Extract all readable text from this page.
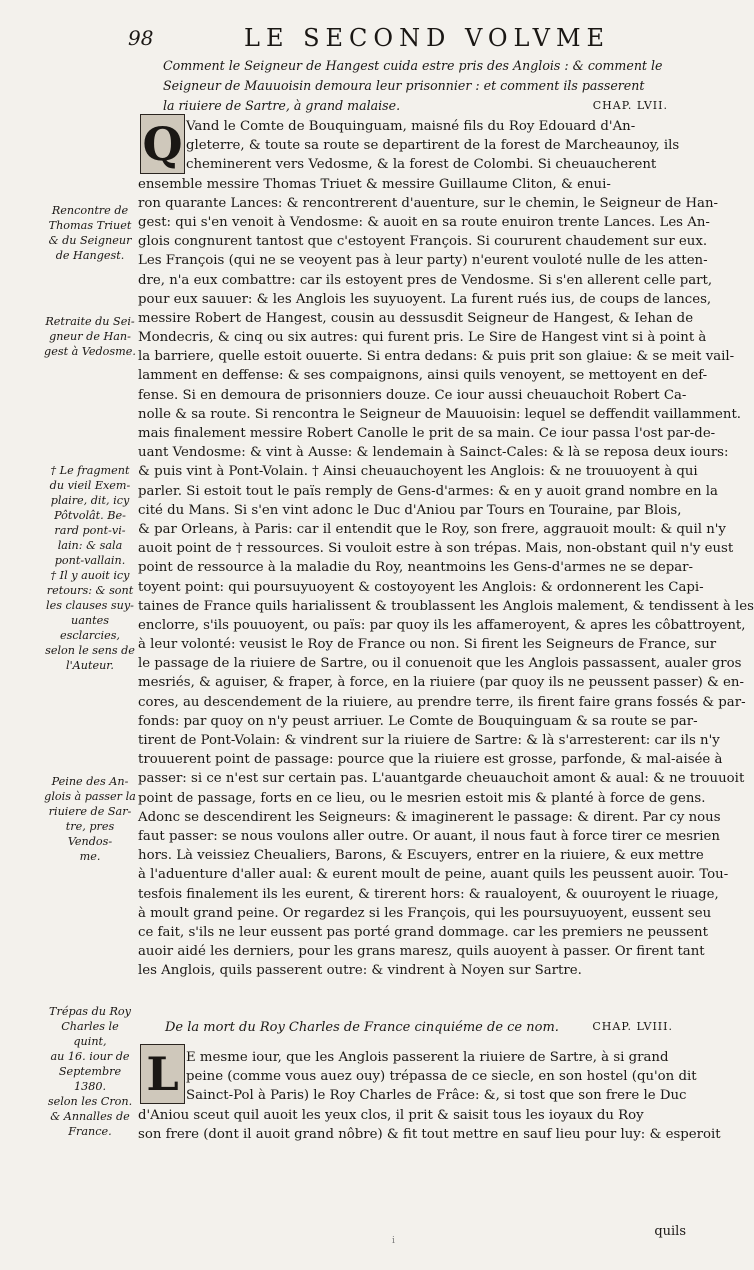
98	LE SECOND VOLVME
Comment le Seigneur de Hangest cuida estre pris des Anglois : & comment le
Seigneur de Mauuoisin demoura leur prisonnier : et comment ils passerent
la riuiere de Sartre, à grand malaise.	CHAP. LVII.
Q Vand le Comte de Bouquinguam, maisné fils du Roy Edouard d'An-
gleterre, & toute sa route se departirent de la forest de Marcheaunoy, ils
cheminerent vers Vedosme, & la forest de Colombi. Si cheuaucherent
ensemble messire Thomas Triuet & messire Guillaume Cliton, & enui-
ron quarante Lances: & rencontrerent d'auenture, sur le chemin, le Seigneur de Han-
gest: qui s'en venoit à Vendosme: & auoit en sa route enuiron trente Lances. Les An-
glois congnurent tantost que c'estoyent François. Si coururent chaudement sur eux.
Les François (qui ne se veoyent pas à leur party) n'eurent vouloté nulle de les atten-
dre, n'a eux combattre: car ils estoyent pres de Vendosme. Si s'en allerent celle part,
pour eux sauuer: & les Anglois les suyuoyent. La furent rués ius, de coups de lances,
messire Robert de Hangest, cousin au dessusdit Seigneur de Hangest, & Iehan de
Mondecris, & cinq ou six autres: qui furent pris. Le Sire de Hangest vint si à point à
la barriere, quelle estoit ouuerte. Si entra dedans: & puis prit son glaiue: & se meit vail-
lamment en deffense: & ses compaignons, ainsi quils venoyent, se mettoyent en def-
fense. Si en demoura de prisonniers douze. Ce iour aussi cheuauchoit Robert Ca-
nolle & sa route. Si rencontra le Seigneur de Mauuoisin: lequel se deffendit vaillamment.
mais finalement messire Robert Canolle le prit de sa main. Ce iour passa l'ost par-de-
uant Vendosme: & vint à Ausse: & lendemain à Sainct-Cales: & là se reposa deux iours:
& puis vint à Pont-Volain. † Ainsi cheuauchoyent les Anglois: & ne trouuoyent à qui
parler. Si estoit tout le païs remply de Gens-d'armes: & en y auoit grand nombre en la
cité du Mans. Si s'en vint adonc le Duc d'Aniou par Tours en Touraine, par Blois,
& par Orleans, à Paris: car il entendit que le Roy, son frere, aggrauoit moult: & quil n'y
auoit point de † ressources. Si vouloit estre à son trépas. Mais, non-obstant quil n'y eust
point de ressource à la maladie du Roy, neantmoins les Gens-d'armes ne se depar-
toyent point: qui poursuyuoyent & costoyoyent les Anglois: & ordonnerent les Capi-
taines de France quils harialissent & troublassent les Anglois malement, & tendissent à les
enclorre, s'ils pouuoyent, ou païs: par quoy ils les affameroyent, & apres les côbattroyent,
à leur volonté: veusist le Roy de France ou non. Si firent les Seigneurs de France, sur
le passage de la riuiere de Sartre, ou il conuenoit que les Anglois passassent, aualer gros
mesriés, & aguiser, & fraper, à force, en la riuiere (par quoy ils ne peussent passer) & en-
cores, au descendement de la riuiere, au prendre terre, ils firent faire grans fossés & par-
fonds: par quoy on n'y peust arriuer. Le Comte de Bouquinguam & sa route se par-
tirent de Pont-Volain: & vindrent sur la riuiere de Sartre: & là s'arresterent: car ils n'y
trouuerent point de passage: pource que la riuiere est grosse, parfonde, & mal-aisée à
passer: si ce n'est sur certain pas. L'auantgarde cheuauchoit amont & aual: & ne trouuoit
point de passage, forts en ce lieu, ou le mesrien estoit mis & planté à force de gens.
Adonc se descendirent les Seigneurs: & imaginerent le passage: & dirent. Par cy nous
faut passer: se nous voulons aller outre. Or auant, il nous faut à force tirer ce mesrien
hors. Là veissiez Cheualiers, Barons, & Escuyers, entrer en la riuiere, & eux mettre
à l'aduenture d'aller aual: & eurent moult de peine, auant quils les peussent auoir. Tou-
tesfois finalement ils les eurent, & tirerent hors: & raualoyent, & ouuroyent le riuage,
à moult grand peine. Or regardez si les François, qui les poursuyuoyent, eussent seu
ce fait, s'ils ne leur eussent pas porté grand dommage. car les premiers ne peussent
auoir aidé les derniers, pour les grans maresz, quils auoyent à passer. Or firent tant
les Anglois, quils passerent outre: & vindrent à Noyen sur Sartre.
De la mort du Roy Charles de France cinquiéme de ce nom.	CHAP. LVIII.
L E mesme iour, que les Anglois passerent la riuiere de Sartre, à si grand
peine (comme vous auez ouy) trépassa de ce siecle, en son hostel (qu'on dit
Sainct-Pol à Paris) le Roy Charles de Frâce: &, si tost que son frere le Duc
d'Aniou sceut quil auoit les yeux clos, il prit & saisit tous les ioyaux du Roy
son frere (dont il auoit grand nôbre) & fit tout mettre en sauf lieu pour luy: & esperoit
Rencontre de
Thomas Triuet
& du Seigneur
de Hangest.
Retraite du Sei-
gneur de Han-
gest à Vedosme.
† Le fragment
du vieil Exem-
plaire, dit, icy
Pôtvolât. Be-
rard pont-vi-
lain: & sala
pont-vallain.
† Il y auoit icy
retours: & sont
les clauses suy-
uantes esclarcies,
selon le sens de
l'Auteur.
Peine des An-
glois à passer la
riuiere de Sar-
tre, pres Vendos-
me.
Trépas du Roy
Charles le quint,
au 16. iour de
Septembre 1380.
selon les Cron.
& Annalles de
France.
quils
i
